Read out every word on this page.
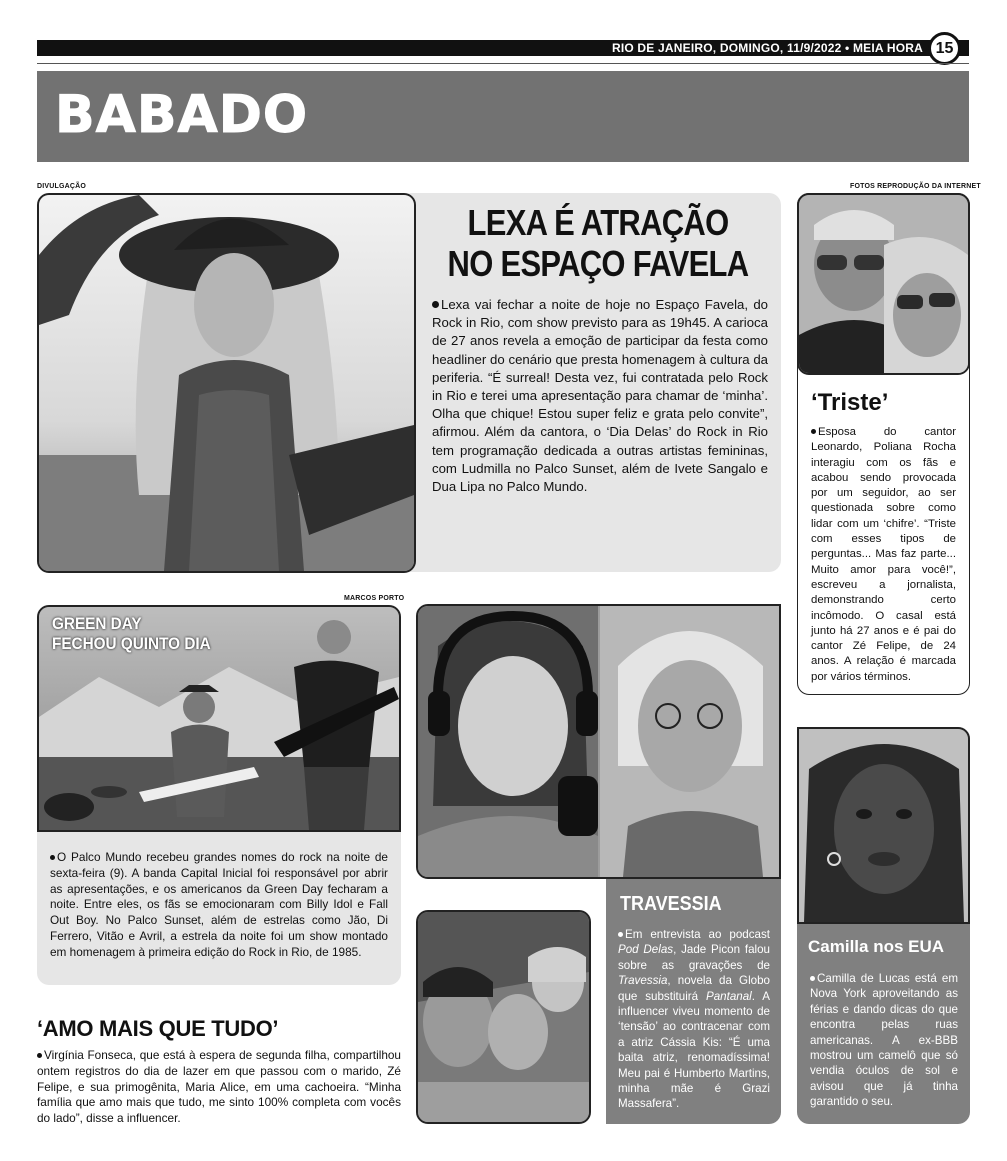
RIO DE JANEIRO, DOMINGO, 11/9/2022 • MEIA HORA 15
BABADO
DIVULGAÇÃO	FOTOS REPRODUÇÃO DA INTERNET
LEXA É ATRAÇÃO
NO ESPAÇO FAVELA
Lexa vai fechar a noite de hoje no Espaço Favela, do Rock in Rio, com show previsto para as 19h45. A carioca de 27 anos revela a emoção de participar da festa como headliner do cenário que presta homenagem à cultura da periferia. “É surreal! Desta vez, fui contratada pelo Rock in Rio e terei uma apresentação para chamar de ‘minha’. Olha que chique! Estou super feliz e grata pelo convite”, afirmou. Além da cantora, o ‘Dia Delas’ do Rock in Rio tem programação dedicada a outras artistas femininas, com Ludmilla no Palco Sunset, além de Ivete Sangalo e Dua Lipa no Palco Mundo.
‘Triste’
Esposa do cantor Leonardo, Poliana Rocha interagiu com os fãs e acabou sendo provocada por um seguidor, ao ser questionada sobre como lidar com um ‘chifre’. “Triste com esses tipos de perguntas... Mas faz parte... Muito amor para você!”, escreveu a jornalista, demonstrando certo incômodo. O casal está junto há 27 anos e é pai do cantor Zé Felipe, de 24 anos. A relação é marcada por vários términos.
MARCOS PORTO
GREEN DAY
FECHOU QUINTO DIA
O Palco Mundo recebeu grandes nomes do rock na noite de sexta-feira (9). A banda Capital Inicial foi responsável por abrir as apresentações, e os americanos da Green Day fecharam a noite. Entre eles, os fãs se emocionaram com Billy Idol e Fall Out Boy. No Palco Sunset, além de estrelas como Jão, Di Ferrero, Vitão e Avril, a estrela da noite foi um show montado em homenagem à primeira edição do Rock in Rio, de 1985.
‘AMO MAIS QUE TUDO’
Virgínia Fonseca, que está à espera de segunda filha, compartilhou ontem registros do dia de lazer em que passou com o marido, Zé Felipe, e sua primogênita, Maria Alice, em uma cachoeira. “Minha família que amo mais que tudo, me sinto 100% completa com vocês do lado”, disse a influencer.
TRAVESSIA
Em entrevista ao podcast Pod Delas, Jade Picon falou sobre as gravações de Travessia, novela da Globo que substituirá Pantanal. A influencer viveu momento de ‘tensão’ ao contracenar com a atriz Cássia Kis: “É uma baita atriz, renomadíssima! Meu pai é Humberto Martins, minha mãe é Grazi Massafera”.
Camilla nos EUA
Camilla de Lucas está em Nova York aproveitando as férias e dando dicas do que encontra pelas ruas americanas. A ex-BBB mostrou um camelô que só vendia óculos de sol e avisou que já tinha garantido o seu.
